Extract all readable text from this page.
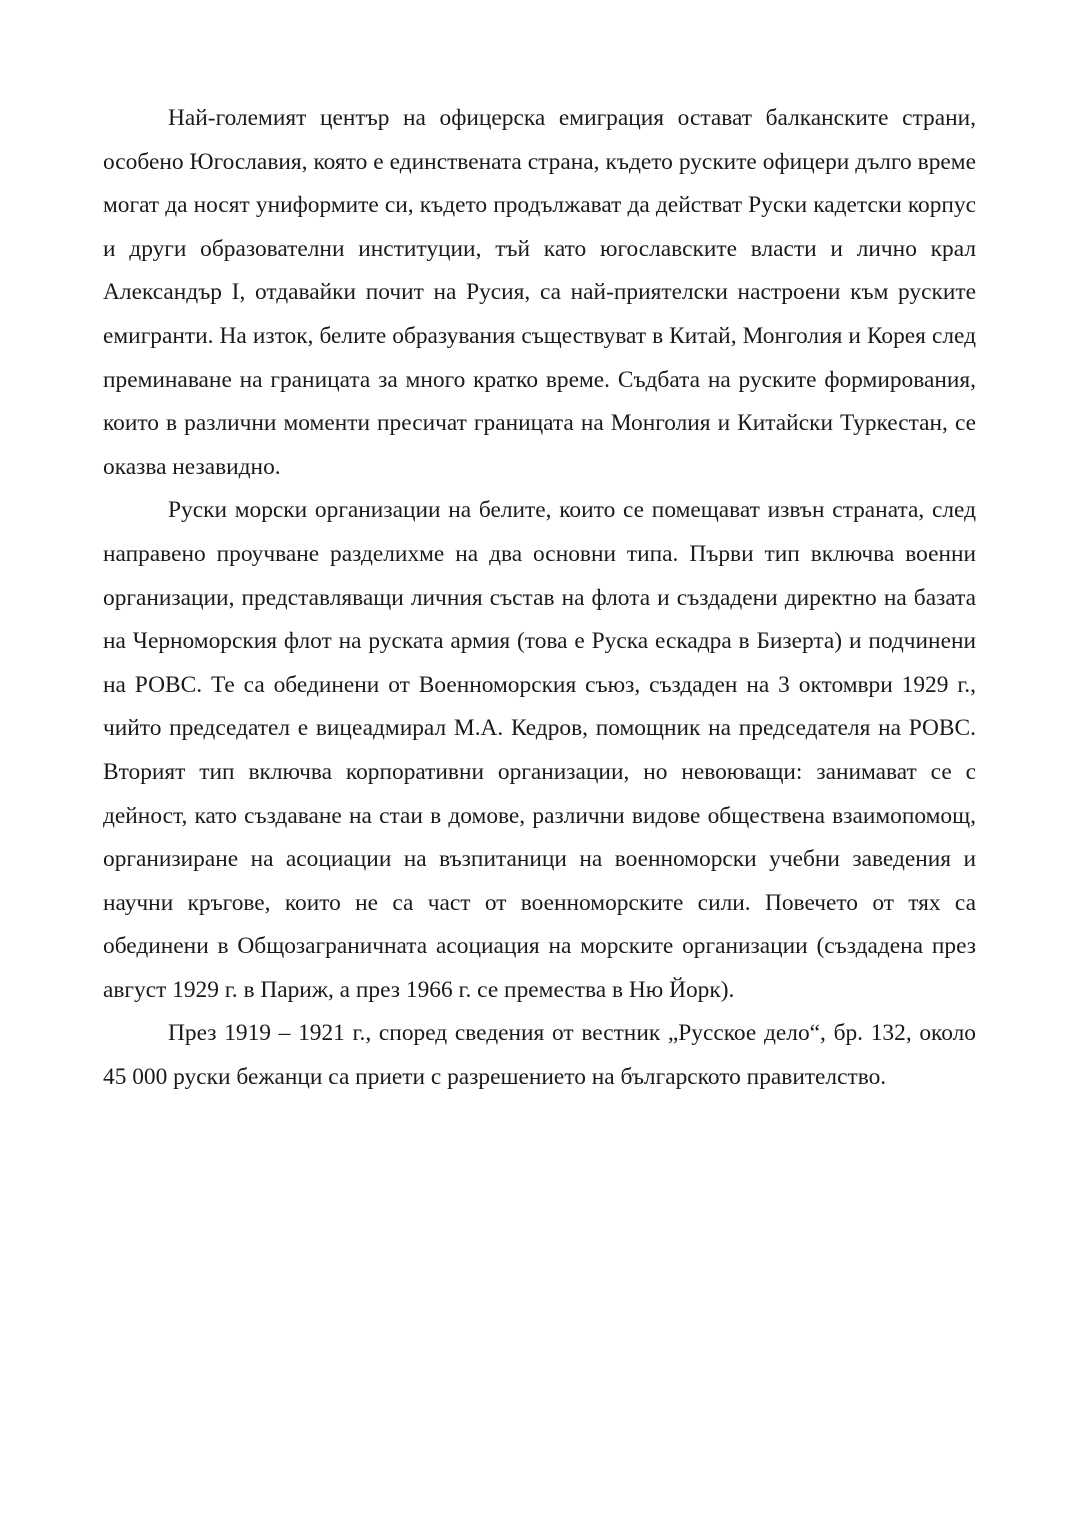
Най-големият център на офицерска емиграция остават балканските страни, особено Югославия, която е единствената страна, където руските офицери дълго време могат да носят униформите си, където продължават да действат Руски кадетски корпус и други образователни институции, тъй като югославските власти и лично крал Александър I, отдавайки почит на Русия, са най-приятелски настроени към руските емигранти. На изток, белите образувания съществуват в Китай, Монголия и Корея след преминаване на границата за много кратко време. Съдбата на руските формирования, които в различни моменти пресичат границата на Монголия и Китайски Туркестан, се оказва незавидно.

Руски морски организации на белите, които се помещават извън страната, след направено проучване разделихме на два основни типа. Първи тип включва военни организации, представляващи личния състав на флота и създадени директно на базата на Черноморския флот на руската армия (това е Руска ескадра в Бизерта) и подчинени на РОВС. Те са обединени от Военноморския съюз, създаден на 3 октомври 1929 г., чийто председател е вицеадмирал М.А. Кедров, помощник на председателя на РОВС. Вторият тип включва корпоративни организации, но невоюващи: занимават се с дейност, като създаване на стаи в домове, различни видове обществена взаимопомощ, организиране на асоциации на възпитаници на военноморски учебни заведения и научни кръгове, които не са част от военноморските сили. Повечето от тях са обединени в Общозаграничната асоциация на морските организации (създадена през август 1929 г. в Париж, а през 1966 г. се премества в Ню Йорк).

През 1919 – 1921 г., според сведения от вестник „Русское дело“, бр. 132, около 45 000 руски бежанци са приети с разрешението на българското правителство.
